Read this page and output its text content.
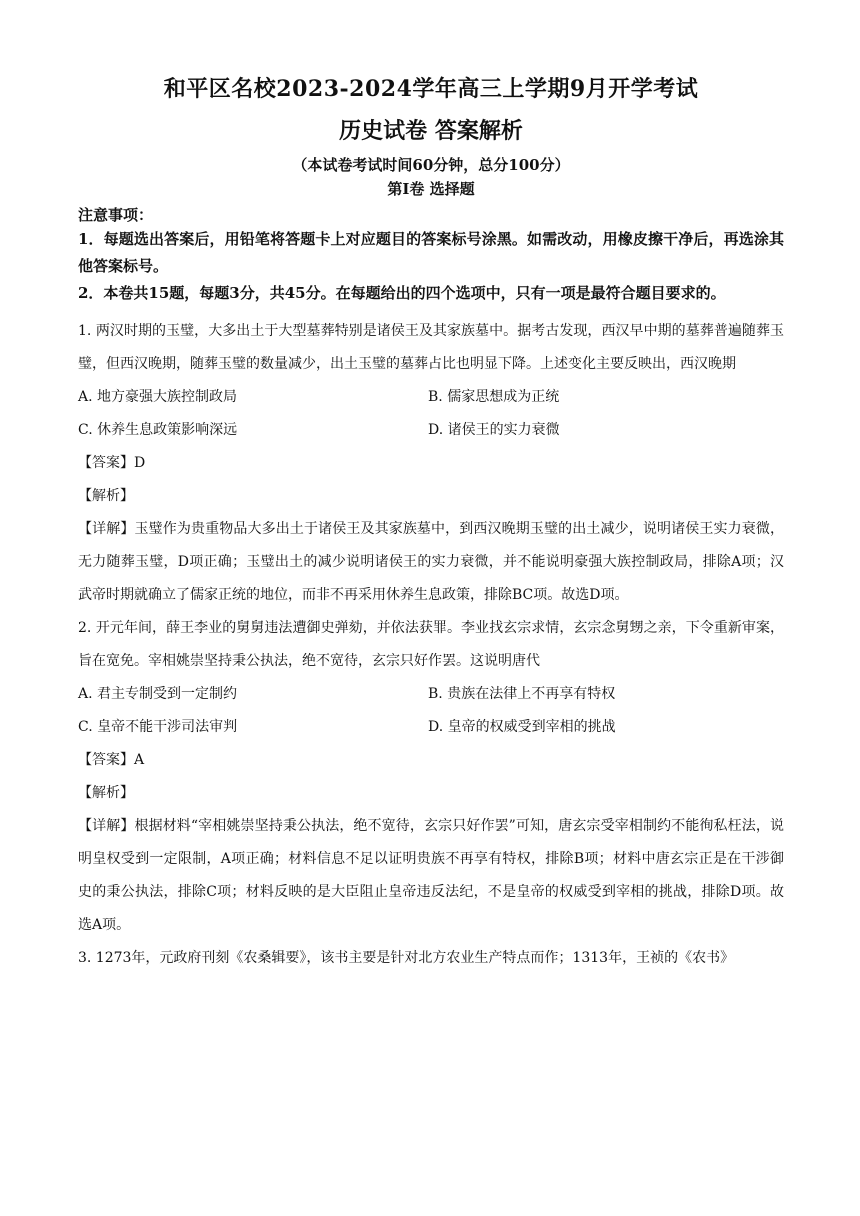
和平区名校2023-2024学年高三上学期9月开学考试
历史试卷 答案解析

（本试卷考试时间60分钟，总分100分）

第Ⅰ卷 选择题

注意事项：

1．每题选出答案后，用铅笔将答题卡上对应题目的答案标号涂黑。如需改动，用橡皮擦干净后，再选涂其他答案标号。

2．本卷共15题，每题3分，共45分。在每题给出的四个选项中，只有一项是最符合题目要求的。

1. 两汉时期的玉璧，大多出土于大型墓葬特别是诸侯王及其家族墓中。据考古发现，西汉早中期的墓葬普遍随葬玉璧，但西汉晚期，随葬玉璧的数量减少，出土玉璧的墓葬占比也明显下降。上述变化主要反映出，西汉晚期

A. 地方豪强大族控制政局	B. 儒家思想成为正统
C. 休养生息政策影响深远	D. 诸侯王的实力衰微

【答案】D

【解析】

【详解】玉璧作为贵重物品大多出土于诸侯王及其家族墓中，到西汉晚期玉璧的出土减少，说明诸侯王实力衰微，无力随葬玉璧，D项正确；玉璧出土的减少说明诸侯王的实力衰微，并不能说明豪强大族控制政局，排除A项；汉武帝时期就确立了儒家正统的地位，而非不再采用休养生息政策，排除BC项。故选D项。

2. 开元年间，薛王李业的舅舅违法遭御史弹劾，并依法获罪。李业找玄宗求情，玄宗念舅甥之亲，下令重新审案，旨在宽免。宰相姚崇坚持秉公执法，绝不宽待，玄宗只好作罢。这说明唐代

A. 君主专制受到一定制约	B. 贵族在法律上不再享有特权
C. 皇帝不能干涉司法审判	D. 皇帝的权威受到宰相的挑战

【答案】A

【解析】

【详解】根据材料“宰相姚崇坚持秉公执法，绝不宽待，玄宗只好作罢”可知，唐玄宗受宰相制约不能徇私枉法，说明皇权受到一定限制，A项正确；材料信息不足以证明贵族不再享有特权，排除B项；材料中唐玄宗正是在干涉御史的秉公执法，排除C项；材料反映的是大臣阻止皇帝违反法纪，不是皇帝的权威受到宰相的挑战，排除D项。故选A项。

3. 1273年，元政府刊刻《农桑辑要》，该书主要是针对北方农业生产特点而作；1313年，王祯的《农书》
